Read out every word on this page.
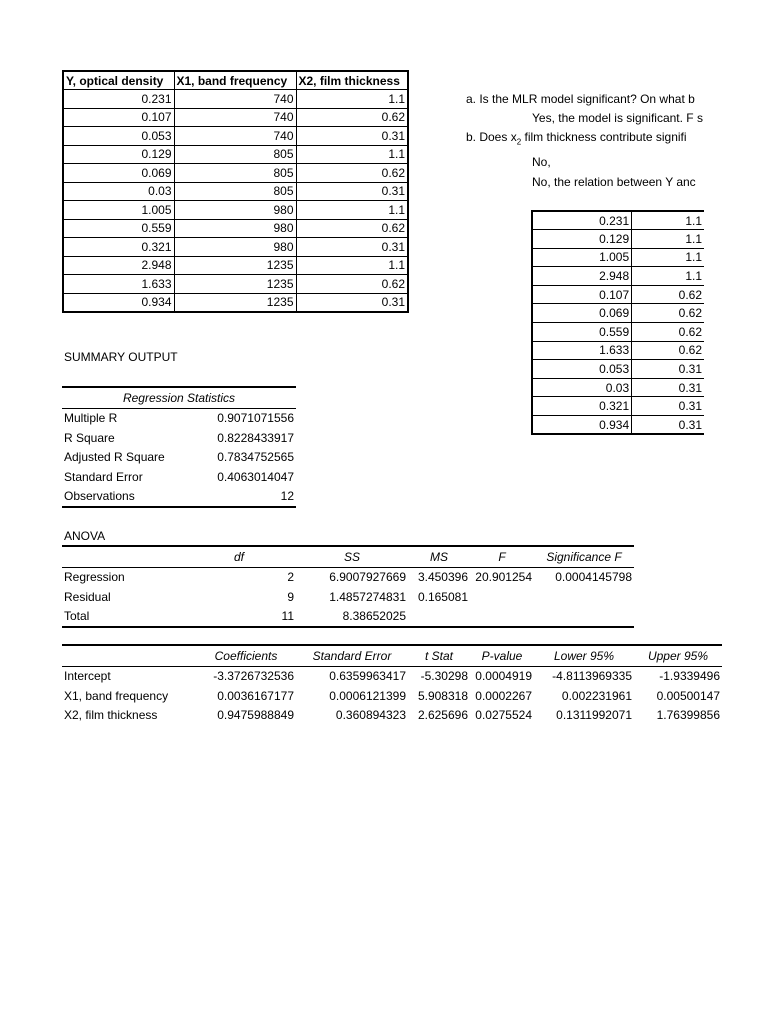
Y, optical density	X1, band frequency	X2, film thickness
0.231	740	1.1
0.107	740	0.62
0.053	740	0.31
0.129	805	1.1
0.069	805	0.62
0.03	805	0.31
1.005	980	1.1
0.559	980	0.62
0.321	980	0.31
2.948	1235	1.1
1.633	1235	0.62
0.934	1235	0.31
a. Is the MLR model significant? On what b
Yes, the model is significant. F s
b. Does $x_2$ film thickness contribute signifi
No,
No, the relation between Y anc
0.231	1.1
0.129	1.1
1.005	1.1
2.948	1.1
0.107	0.62
0.069	0.62
0.559	0.62
1.633	0.62
0.053	0.31
0.03	0.31
0.321	0.31
0.934	0.31
SUMMARY OUTPUT
Regression Statistics	
Multiple R	0.9071071556
R Square	0.8228433917
Adjusted R Square	0.7834752565
Standard Error	0.4063014047
Observations	12
ANOVA
	df	SS	MS	F	Significance F
Regression	2	6.9007927669	3.450396	20.901254	0.0004145798
Residual	9	1.4857274831	0.165081		
Total	11	8.38652025			
	Coefficients	Standard Error	t Stat	P-value	Lower 95%	Upper 95%
Intercept	-3.3726732536	0.6359963417	-5.30298	0.0004919	-4.8113969335	-1.9339496
X1, band frequency	0.0036167177	0.0006121399	5.908318	0.0002267	0.002231961	0.00500147
X2, film thickness	0.9475988849	0.360894323	2.625696	0.0275524	0.1311992071	1.76399856
